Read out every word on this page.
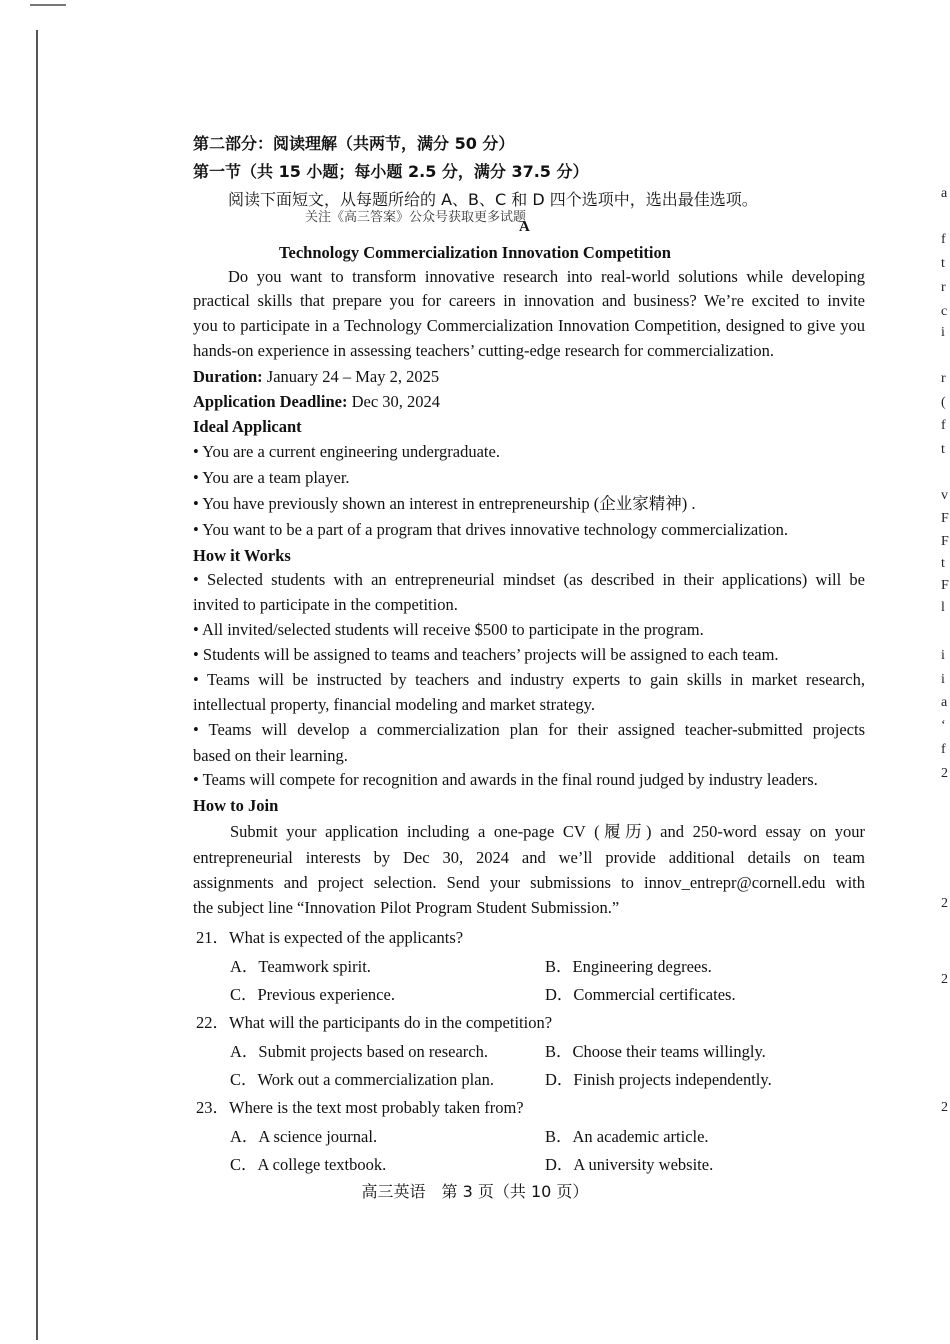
第二部分：阅读理解（共两节，满分 50 分）
第一节（共 15 小题；每小题 2.5 分，满分 37.5 分）
阅读下面短文，从每题所给的 A、B、C 和 D 四个选项中，选出最佳选项。
关注《高三答案》公众号获取更多试题
A
Technology Commercialization Innovation Competition
Do you want to transform innovative research into real-world solutions while developing
practical skills that prepare you for careers in innovation and business? We’re excited to invite
you to participate in a Technology Commercialization Innovation Competition, designed to give you
hands-on experience in assessing teachers’ cutting-edge research for commercialization.
Duration: January 24 – May 2, 2025
Application Deadline: Dec 30, 2024
Ideal Applicant
• You are a current engineering undergraduate.
• You are a team player.
• You have previously shown an interest in entrepreneurship (企业家精神) .
• You want to be a part of a program that drives innovative technology commercialization.
How it Works
• Selected students with an entrepreneurial mindset (as described in their applications) will be
invited to participate in the competition.
• All invited/selected students will receive $500 to participate in the program.
• Students will be assigned to teams and teachers’ projects will be assigned to each team.
• Teams will be instructed by teachers and industry experts to gain skills in market research,
intellectual property, financial modeling and market strategy.
• Teams will develop a commercialization plan for their assigned teacher-submitted projects
based on their learning.
• Teams will compete for recognition and awards in the final round judged by industry leaders.
How to Join
Submit your application including a one-page CV (履历) and 250-word essay on your
entrepreneurial interests by Dec 30, 2024 and we’ll provide additional details on team
assignments and project selection. Send your submissions to innov_entrepr@cornell.edu with
the subject line “Innovation Pilot Program Student Submission.”
21．What is expected of the applicants?
A．Teamwork spirit.	B．Engineering degrees.
C．Previous experience.	D．Commercial certificates.
22．What will the participants do in the competition?
A．Submit projects based on research.	B．Choose their teams willingly.
C．Work out a commercialization plan.	D．Finish projects independently.
23．Where is the text most probably taken from?
A．A science journal.	B．An academic article.
C．A college textbook.	D．A university website.
高三英语　第 3 页（共 10 页）
a
f
t
r
c
i
r
(
f
t
v
F
F
t
F
l
i
i
a
‘
f
2
2
2
2
